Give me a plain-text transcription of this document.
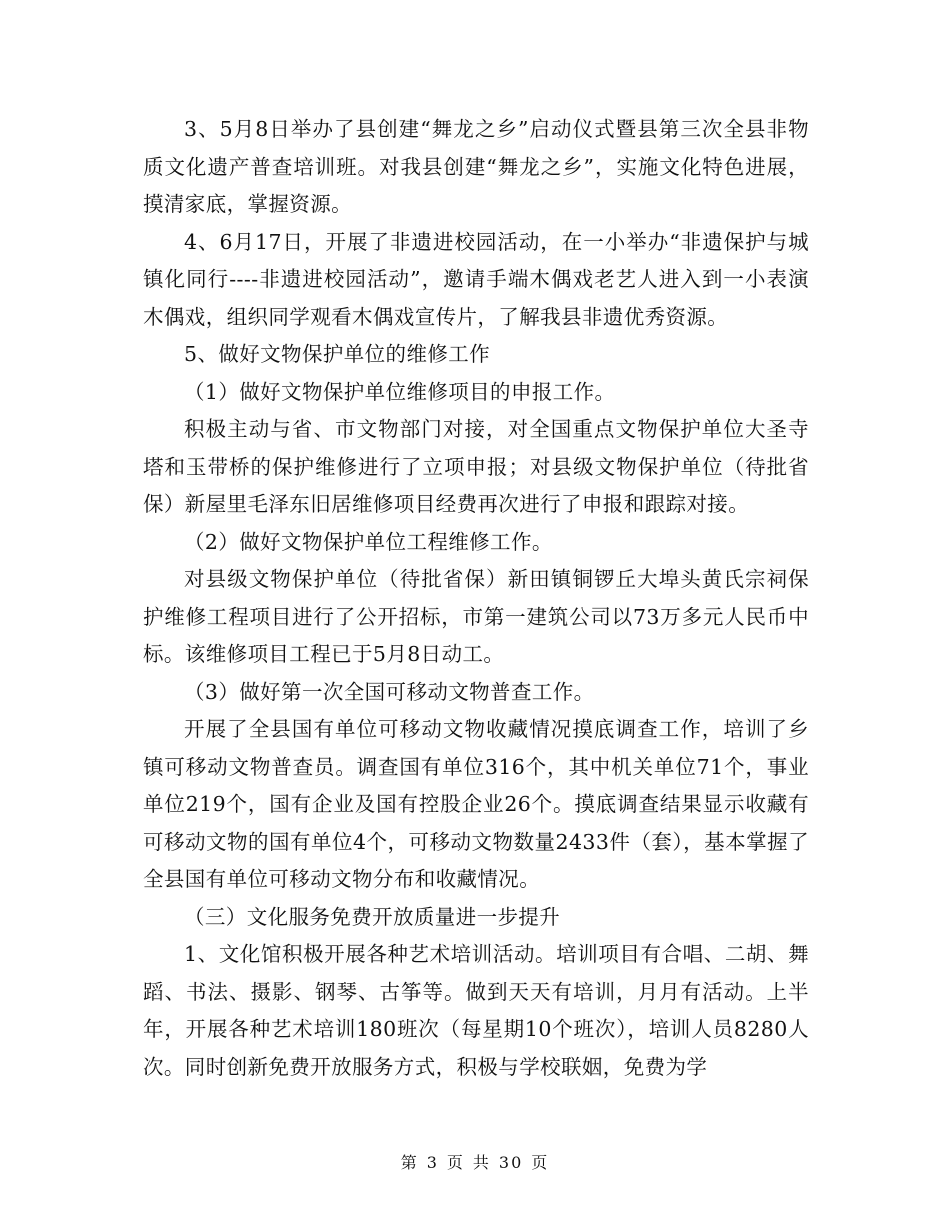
3、5月8日举办了县创建“舞龙之乡”启动仪式暨县第三次全县非物质文化遗产普查培训班。对我县创建“舞龙之乡”，实施文化特色进展，摸清家底，掌握资源。

4、6月17日，开展了非遗进校园活动，在一小举办“非遗保护与城镇化同行----非遗进校园活动”，邀请手端木偶戏老艺人进入到一小表演木偶戏，组织同学观看木偶戏宣传片，了解我县非遗优秀资源。

5、做好文物保护单位的维修工作

（1）做好文物保护单位维修项目的申报工作。

积极主动与省、市文物部门对接，对全国重点文物保护单位大圣寺塔和玉带桥的保护维修进行了立项申报；对县级文物保护单位（待批省保）新屋里毛泽东旧居维修项目经费再次进行了申报和跟踪对接。

（2）做好文物保护单位工程维修工作。

对县级文物保护单位（待批省保）新田镇铜锣丘大埠头黄氏宗祠保护维修工程项目进行了公开招标，市第一建筑公司以73万多元人民币中标。该维修项目工程已于5月8日动工。

（3）做好第一次全国可移动文物普查工作。

开展了全县国有单位可移动文物收藏情况摸底调查工作，培训了乡镇可移动文物普查员。调查国有单位316个，其中机关单位71个，事业单位219个，国有企业及国有控股企业26个。摸底调查结果显示收藏有可移动文物的国有单位4个，可移动文物数量2433件（套），基本掌握了全县国有单位可移动文物分布和收藏情况。

（三）文化服务免费开放质量进一步提升

1、文化馆积极开展各种艺术培训活动。培训项目有合唱、二胡、舞蹈、书法、摄影、钢琴、古筝等。做到天天有培训，月月有活动。上半年，开展各种艺术培训180班次（每星期10个班次），培训人员8280人次。同时创新免费开放服务方式，积极与学校联姻，免费为学

第 3 页 共 30 页
